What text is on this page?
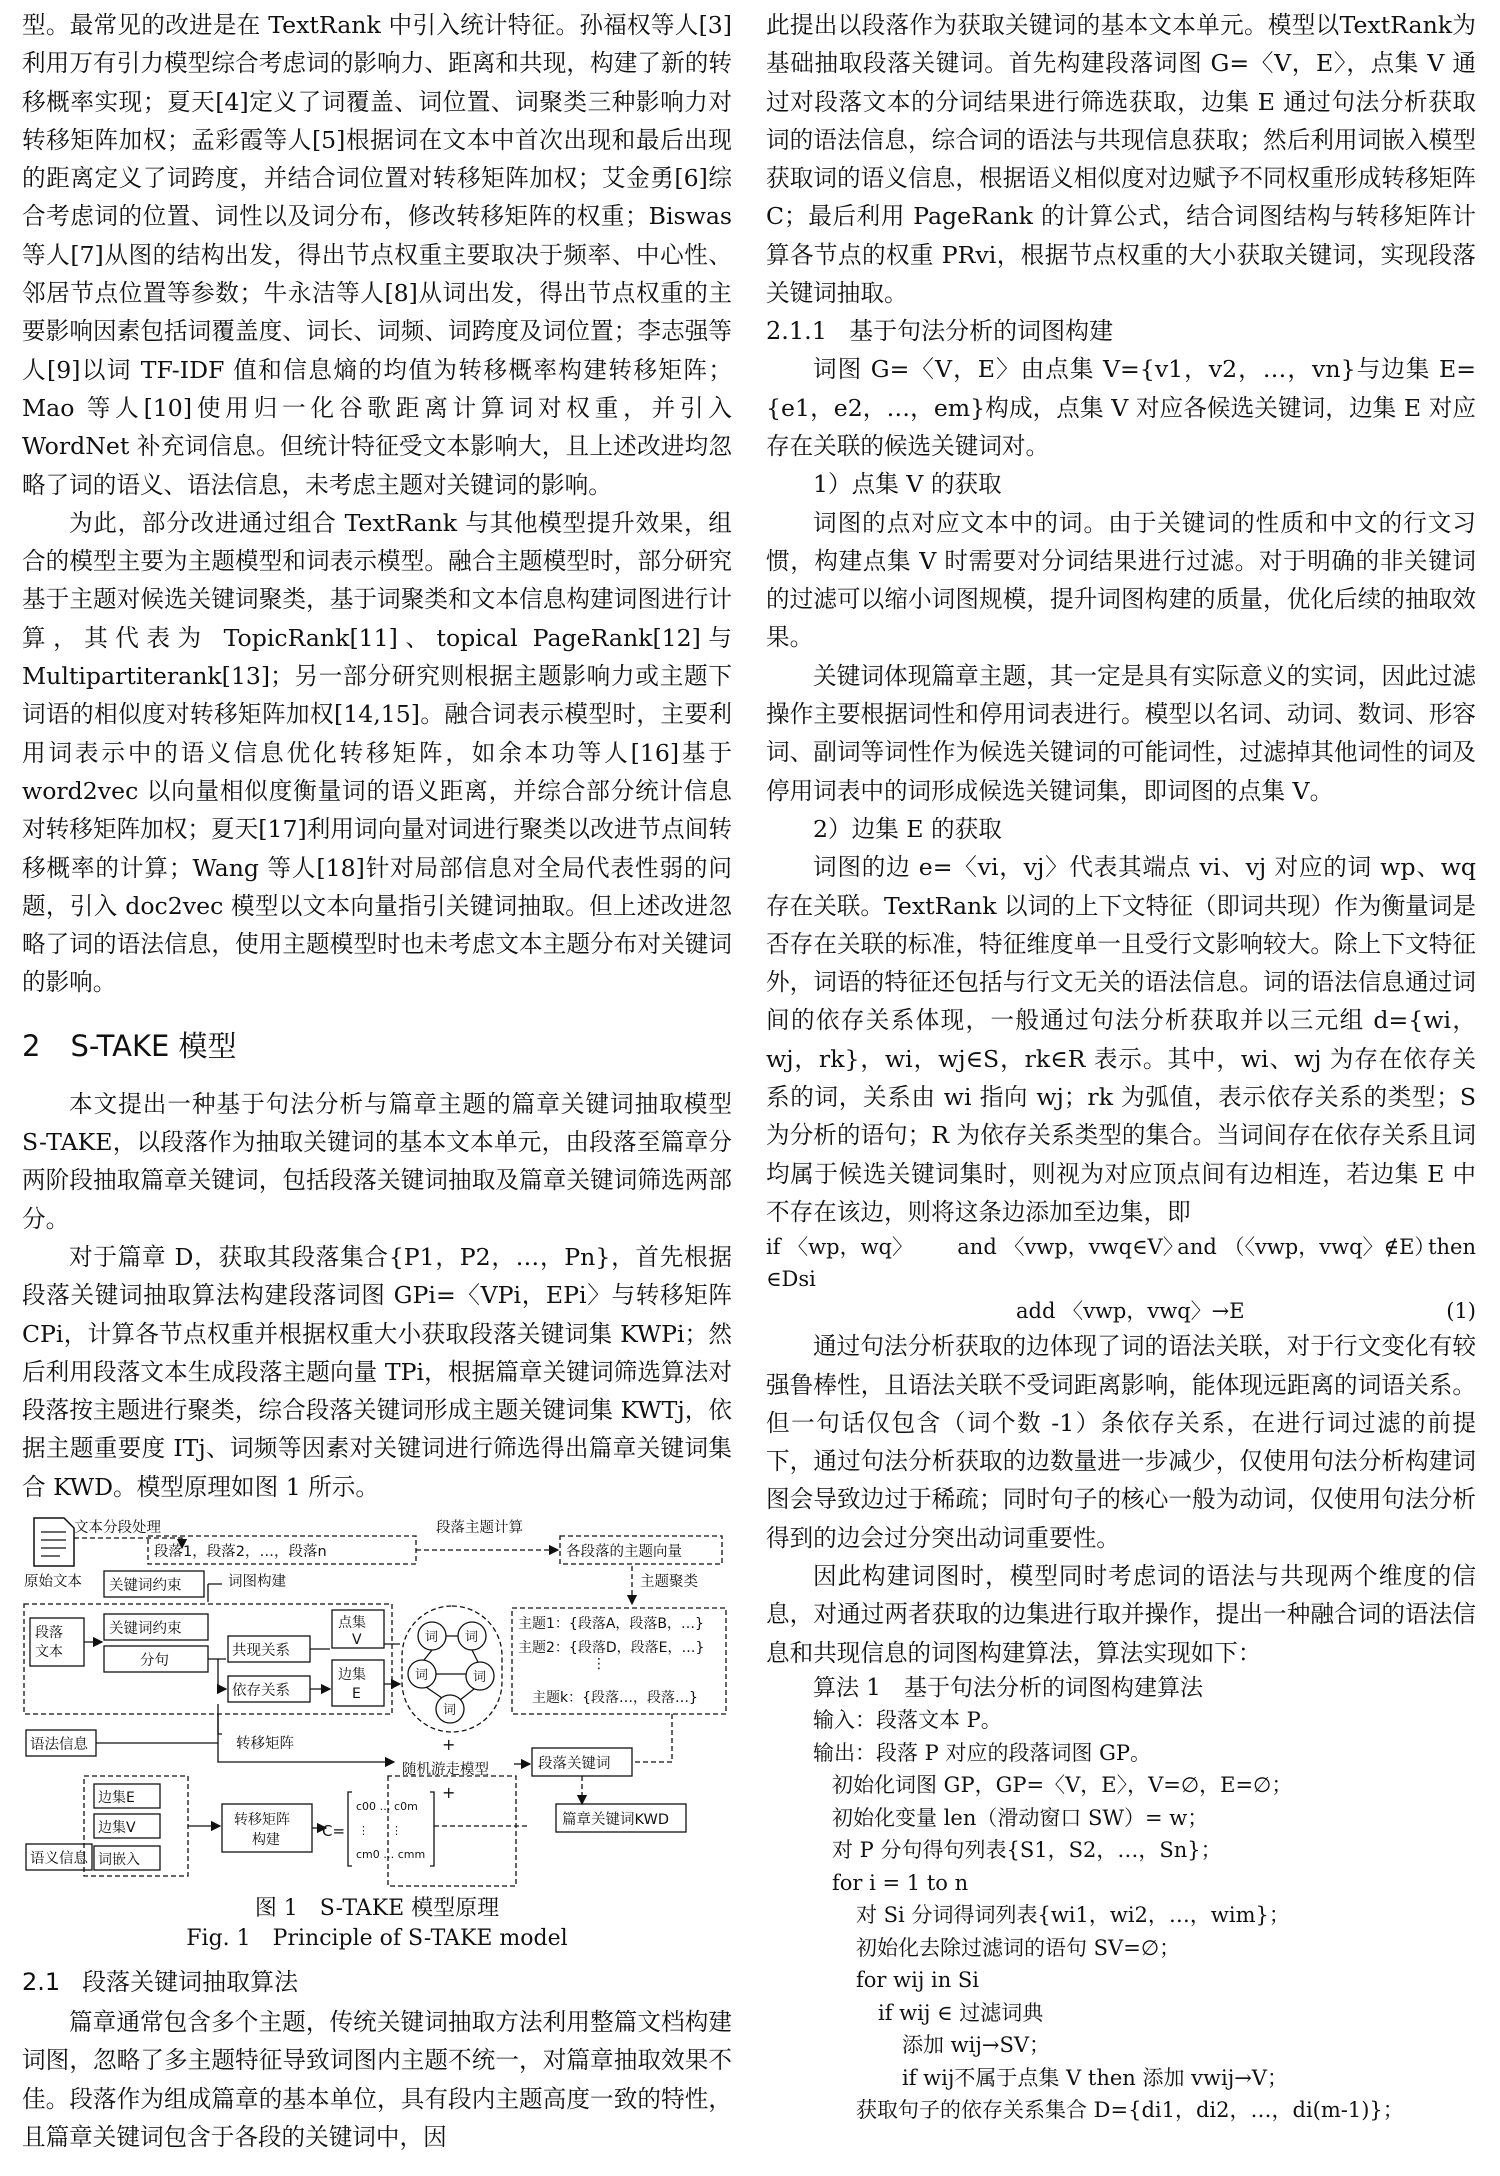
型。最常见的改进是在 TextRank 中引入统计特征。孙福权等人[3]利用万有引力模型综合考虑词的影响力、距离和共现，构建了新的转移概率实现；夏天[4]定义了词覆盖、词位置、词聚类三种影响力对转移矩阵加权；孟彩霞等人[5]根据词在文本中首次出现和最后出现的距离定义了词跨度，并结合词位置对转移矩阵加权；艾金勇[6]综合考虑词的位置、词性以及词分布，修改转移矩阵的权重；Biswas 等人[7]从图的结构出发，得出节点权重主要取决于频率、中心性、邻居节点位置等参数；牛永洁等人[8]从词出发，得出节点权重的主要影响因素包括词覆盖度、词长、词频、词跨度及词位置；李志强等人[9]以词 TF-IDF 值和信息熵的均值为转移概率构建转移矩阵；Mao 等人[10]使用归一化谷歌距离计算词对权重，并引入 WordNet 补充词信息。但统计特征受文本影响大，且上述改进均忽略了词的语义、语法信息，未考虑主题对关键词的影响。

为此，部分改进通过组合 TextRank 与其他模型提升效果，组合的模型主要为主题模型和词表示模型。融合主题模型时，部分研究基于主题对候选关键词聚类，基于词聚类和文本信息构建词图进行计算，其代表为 TopicRank[11]、topical PageRank[12]与 Multipartiterank[13]；另一部分研究则根据主题影响力或主题下词语的相似度对转移矩阵加权[14,15]。融合词表示模型时，主要利用词表示中的语义信息优化转移矩阵，如余本功等人[16]基于 word2vec 以向量相似度衡量词的语义距离，并综合部分统计信息对转移矩阵加权；夏天[17]利用词向量对词进行聚类以改进节点间转移概率的计算；Wang 等人[18]针对局部信息对全局代表性弱的问题，引入 doc2vec 模型以文本向量指引关键词抽取。但上述改进忽略了词的语法信息，使用主题模型时也未考虑文本主题分布对关键词的影响。

2 S-TAKE 模型

本文提出一种基于句法分析与篇章主题的篇章关键词抽取模型 S-TAKE，以段落作为抽取关键词的基本文本单元，由段落至篇章分两阶段抽取篇章关键词，包括段落关键词抽取及篇章关键词筛选两部分。

对于篇章 D，获取其段落集合{P1，P2，…，Pn}，首先根据段落关键词抽取算法构建段落词图 GPi=〈VPi，EPi〉与转移矩阵 CPi，计算各节点权重并根据权重大小获取段落关键词集 KWPi；然后利用段落文本生成段落主题向量 TPi，根据篇章关键词筛选算法对段落按主题进行聚类，综合段落关键词形成主题关键词集 KWTj，依据主题重要度 ITj、词频等因素对关键词进行筛选得出篇章关键词集合 KWD。模型原理如图 1 所示。

文本分段处理
段落1，段落2，…，段落n
段落主题计算
各段落的主题向量
原始文本 关键词约束	词图构建	主题聚类
段落
文本
关键词约束
分句
共现关系
依存关系
点集
V
边集
E
词 词
词	词
词
主题1：{段落A，段落B，…}
主题2：{段落D，段落E，…}
⋮
主题k：{段落…，段落…}
语法信息	转移矩阵	+
随机游走模型
+
段落关键词
篇章关键词KWD
边集E
边集V
词嵌入
语义信息
转移矩阵
构建	C=
c00 … c0m
⋮　　⋮
cm0 … cmm

图 1　S-TAKE 模型原理

Fig. 1　Principle of S-TAKE model

2.1 段落关键词抽取算法

篇章通常包含多个主题，传统关键词抽取方法利用整篇文档构建词图，忽略了多主题特征导致词图内主题不统一，对篇章抽取效果不佳。段落作为组成篇章的基本单位，具有段内主题高度一致的特性，且篇章关键词包含于各段的关键词中，因

此提出以段落作为获取关键词的基本文本单元。模型以TextRank为基础抽取段落关键词。首先构建段落词图 G=〈V，E〉，点集 V 通过对段落文本的分词结果进行筛选获取，边集 E 通过句法分析获取词的语法信息，综合词的语法与共现信息获取；然后利用词嵌入模型获取词的语义信息，根据语义相似度对边赋予不同权重形成转移矩阵 C；最后利用 PageRank 的计算公式，结合词图结构与转移矩阵计算各节点的权重 PRvi，根据节点权重的大小获取关键词，实现段落关键词抽取。

2.1.1 基于句法分析的词图构建

词图 G=〈V，E〉由点集 V={v1，v2，…，vn}与边集 E={e1，e2，…，em}构成，点集 V 对应各候选关键词，边集 E 对应存在关联的候选关键词对。

1）点集 V 的获取

词图的点对应文本中的词。由于关键词的性质和中文的行文习惯，构建点集 V 时需要对分词结果进行过滤。对于明确的非关键词的过滤可以缩小词图规模，提升词图构建的质量，优化后续的抽取效果。

关键词体现篇章主题，其一定是具有实际意义的实词，因此过滤操作主要根据词性和停用词表进行。模型以名词、动词、数词、形容词、副词等词性作为候选关键词的可能词性，过滤掉其他词性的词及停用词表中的词形成候选关键词集，即词图的点集 V。

2）边集 E 的获取

词图的边 e=〈vi，vj〉代表其端点 vi、vj 对应的词 wp、wq 存在关联。TextRank 以词的上下文特征（即词共现）作为衡量词是否存在关联的标准，特征维度单一且受行文影响较大。除上下文特征外，词语的特征还包括与行文无关的语法信息。词的语法信息通过词间的依存关系体现，一般通过句法分析获取并以三元组 d={wi，wj，rk}，wi，wj∈S，rk∈R 表示。其中，wi、wj 为存在依存关系的词，关系由 wi 指向 wj；rk 为弧值，表示依存关系的类型；S 为分析的语句；R 为依存关系类型的集合。当词间存在依存关系且词均属于候选关键词集时，则视为对应顶点间有边相连，若边集 E 中不存在该边，则将这条边添加至边集，即

if 〈wp，wq〉∈Dsi
and 〈vwp，vwq∈V〉
and （〈vwp，vwq〉∉E）
then
add 〈vwp，vwq〉→E	(1)

通过句法分析获取的边体现了词的语法关联，对于行文变化有较强鲁棒性，且语法关联不受词距离影响，能体现远距离的词语关系。但一句话仅包含（词个数 -1）条依存关系，在进行词过滤的前提下，通过句法分析获取的边数量进一步减少，仅使用句法分析构建词图会导致边过于稀疏；同时句子的核心一般为动词，仅使用句法分析得到的边会过分突出动词重要性。

因此构建词图时，模型同时考虑词的语法与共现两个维度的信息，对通过两者获取的边集进行取并操作，提出一种融合词的语法信息和共现信息的词图构建算法，算法实现如下：

算法 1　基于句法分析的词图构建算法

输入：段落文本 P。

输出：段落 P 对应的段落词图 GP。

初始化词图 GP，GP=〈V，E〉，V=∅，E=∅；

初始化变量 len（滑动窗口 SW）= w；

对 P 分句得句列表{S1，S2，…，Sn}；

for i = 1 to n

对 Si 分词得词列表{wi1，wi2，…，wim}；

初始化去除过滤词的语句 SV=∅；

for wij in Si

if wij ∈ 过滤词典

添加 wij→SV；

if wij不属于点集 V then 添加 vwij→V；

获取句子的依存关系集合 D={di1，di2，…，di(m-1)}；
